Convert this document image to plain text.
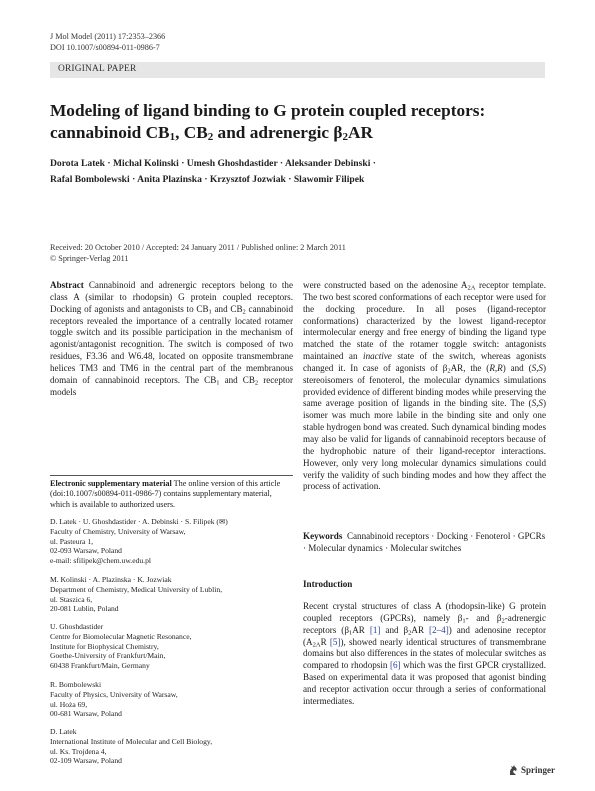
J Mol Model (2011) 17:2353–2366
DOI 10.1007/s00894-011-0986-7
ORIGINAL PAPER
Modeling of ligand binding to G protein coupled receptors:
cannabinoid $CB_1$, $CB_2$ and adrenergic $\beta_2AR$
Dorota Latek · Michal Kolinski · Umesh Ghoshdastider · Aleksander Debinski ·
Rafal Bombolewski · Anita Plazinska · Krzysztof Jozwiak · Slawomir Filipek
Received: 20 October 2010 / Accepted: 24 January 2011 / Published online: 2 March 2011
© Springer-Verlag 2011
Abstract Cannabinoid and adrenergic receptors belong to the class A (similar to rhodopsin) G protein coupled receptors. Docking of agonists and antagonists to $CB_1$ and $CB_2$ cannabinoid receptors revealed the importance of a centrally located rotamer toggle switch and its possible participation in the mechanism of agonist/antagonist recognition. The switch is composed of two residues, F3.36 and W6.48, located on opposite transmembrane helices TM3 and TM6 in the central part of the membranous domain of cannabinoid receptors. The $CB_1$ and $CB_2$ receptor models
were constructed based on the adenosine $A_{2A}$ receptor template. The two best scored conformations of each receptor were used for the docking procedure. In all poses (ligand-receptor conformations) characterized by the lowest ligand-receptor intermolecular energy and free energy of binding the ligand type matched the state of the rotamer toggle switch: antagonists maintained an inactive state of the switch, whereas agonists changed it. In case of agonists of $\beta_2AR$, the (R,R) and (S,S) stereoisomers of fenoterol, the molecular dynamics simulations provided evidence of different binding modes while preserving the same average position of ligands in the binding site. The (S,S) isomer was much more labile in the binding site and only one stable hydrogen bond was created. Such dynamical binding modes may also be valid for ligands of cannabinoid receptors because of the hydrophobic nature of their ligand-receptor interactions. However, only very long molecular dynamics simulations could verify the validity of such binding modes and how they affect the process of activation.
Electronic supplementary material The online version of this article (doi:10.1007/s00894-011-0986-7) contains supplementary material, which is available to authorized users.
D. Latek · U. Ghoshdastider · A. Debinski · S. Filipek (✉)
Faculty of Chemistry, University of Warsaw,
ul. Pasteura 1,
02-093 Warsaw, Poland
e-mail: sfilipek@chem.uw.edu.pl
M. Kolinski · A. Plazinska · K. Jozwiak
Department of Chemistry, Medical University of Lublin,
ul. Staszica 6,
20-081 Lublin, Poland
U. Ghoshdastider
Centre for Biomolecular Magnetic Resonance,
Institute for Biophysical Chemistry,
Goethe-University of Frankfurt/Main,
60438 Frankfurt/Main, Germany
R. Bombolewski
Faculty of Physics, University of Warsaw,
ul. Hoża 69,
00-681 Warsaw, Poland
D. Latek
International Institute of Molecular and Cell Biology,
ul. Ks. Trojdena 4,
02-109 Warsaw, Poland
Keywords Cannabinoid receptors · Docking · Fenoterol · GPCRs · Molecular dynamics · Molecular switches
Introduction
Recent crystal structures of class A (rhodopsin-like) G protein coupled receptors (GPCRs), namely $\beta_1-$ and $\beta_2$-adrenergic receptors ($\beta_1AR$ [1] and $\beta_2AR$ [2–4]) and adenosine receptor ($A_{2A}R$ [5]), showed nearly identical structures of transmembrane domains but also differences in the states of molecular switches as compared to rhodopsin [6] which was the first GPCR crystallized. Based on experimental data it was proposed that agonist binding and receptor activation occur through a series of conformational intermediates.
Springer
